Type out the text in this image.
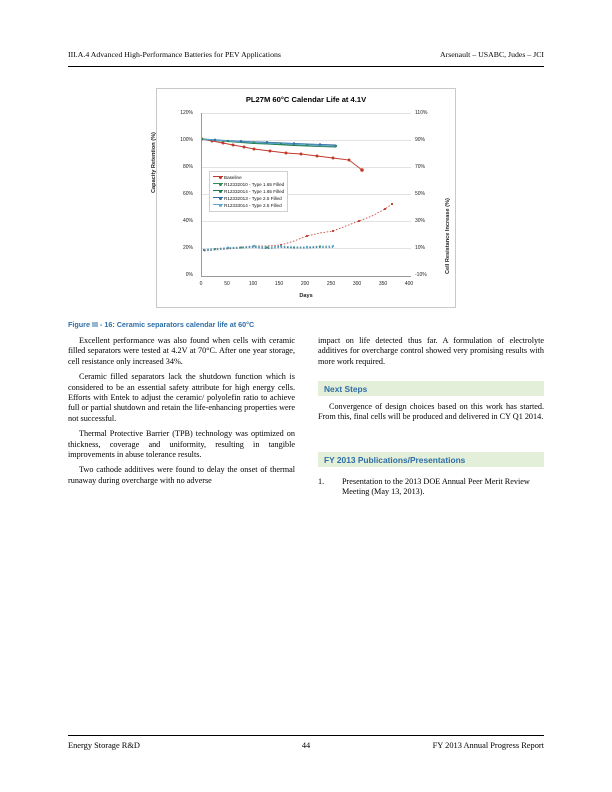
III.A.4 Advanced High-Performance Batteries for PEV Applications	Arsenault – USABC, Judes – JCI
PL27M 60°C Calendar Life at 4.1V
120%
100%
80%
60%
40%
20%
0%
110%
90%
70%
50%
30%
10%
-10%
Capacity Retention (%)
Cell Resistance Increase (%)
Days
0	50	100	150	200	250	300	350	400
Baseline
R12332010 - Type 1.65 Filled
R12332014 - Type 1.65 Filled
R12332013 - Type 2.5 Filled
R12333014 - Type 2.5 Filled
Figure III - 16: Ceramic separators calendar life at 60°C

Excellent performance was also found when cells with ceramic filled separators were tested at 4.2V at 70°C. After one year storage, cell resistance only increased 34%.

Ceramic filled separators lack the shutdown function which is considered to be an essential safety attribute for high energy cells. Efforts with Entek to adjust the ceramic/ polyolefin ratio to achieve full or partial shutdown and retain the life-enhancing properties were not successful.

Thermal Protective Barrier (TPB) technology was optimized on thickness, coverage and uniformity, resulting in tangible improvements in abuse tolerance results.

Two cathode additives were found to delay the onset of thermal runaway during overcharge with no adverse

impact on life detected thus far. A formulation of electrolyte additives for overcharge control showed very promising results with more work required.

Next Steps
Convergence of design choices based on this work has started. From this, final cells will be produced and delivered in CY Q1 2014.
FY 2013 Publications/Presentations
1. Presentation to the 2013 DOE Annual Peer Merit Review Meeting (May 13, 2013).
Energy Storage R&D	44	FY 2013 Annual Progress Report
